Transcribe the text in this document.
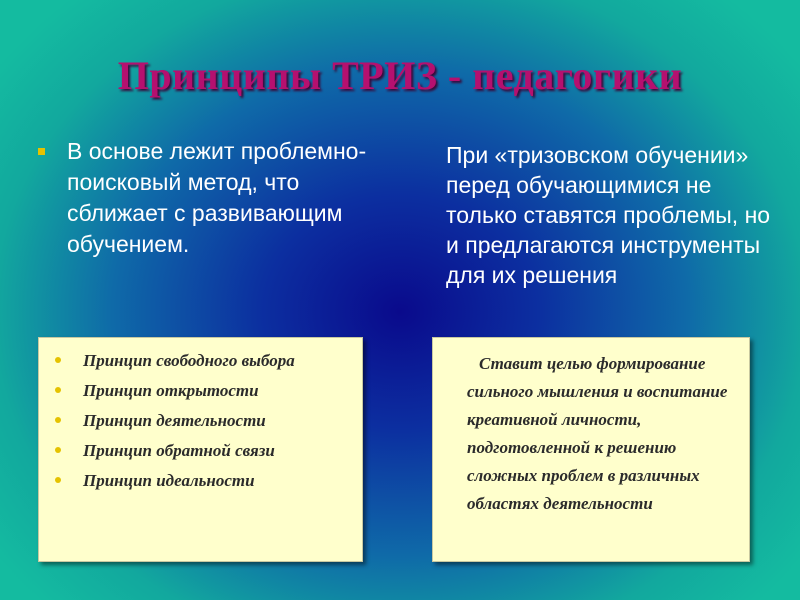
Принципы ТРИЗ - педагогики
В основе лежит проблемно-поисковый метод, что сближает с развивающим обучением.
При «тризовском обучении» перед обучающимися не только ставятся проблемы, но и предлагаются инструменты для их решения
Принцип свободного выбора
Принцип открытости
Принцип деятельности
Принцип обратной связи
Принцип идеальности
Ставит целью формирование сильного мышления и воспитание креативной личности, подготовленной к решению сложных проблем в различных областях деятельности
